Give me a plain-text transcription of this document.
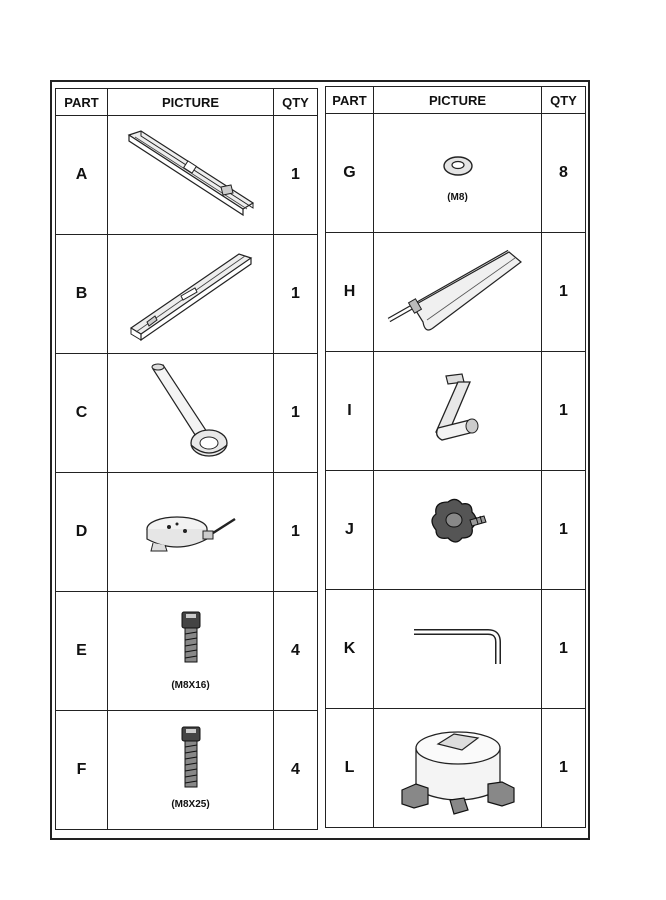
PART	PICTURE	QTY
A		1
B		1
C		1
D		1
E	(M8X16)	4
F	(M8X25)	4
PART	PICTURE	QTY
G	(M8)	8
H		1
I		1
J		1
K		1
L		1
